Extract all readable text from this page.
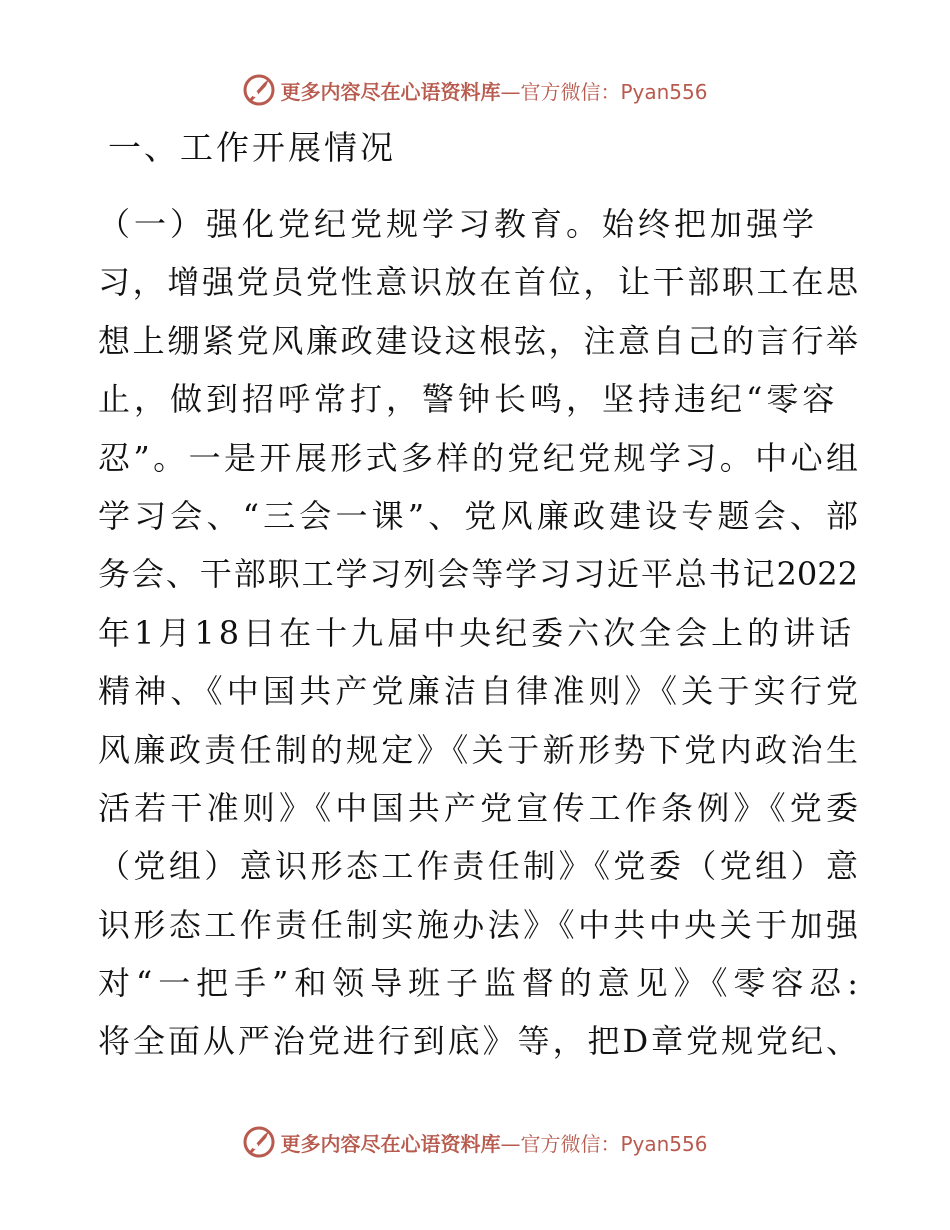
更多内容尽在心语资料库—官方微信：Pyan556
一、工作开展情况
（一）强化党纪党规学习教育。始终把加强学
习，增强党员党性意识放在首位，让干部职工在思
想上绷紧党风廉政建设这根弦，注意自己的言行举
止，做到招呼常打，警钟长鸣，坚持违纪“零容
忍”。一是开展形式多样的党纪党规学习。中心组
学习会、“三会一课”、党风廉政建设专题会、部
务会、干部职工学习列会等学习习近平总书记2022
年1月18日在十九届中央纪委六次全会上的讲话
精神、《中国共产党廉洁自律准则》《关于实行党
风廉政责任制的规定》《关于新形势下党内政治生
活若干准则》《中国共产党宣传工作条例》《党委
（党组）意识形态工作责任制》《党委（党组）意
识形态工作责任制实施办法》《中共中央关于加强
对“一把手”和领导班子监督的意见》《零容忍:
将全面从严治党进行到底》等，把D章党规党纪、
更多内容尽在心语资料库—官方微信：Pyan556
